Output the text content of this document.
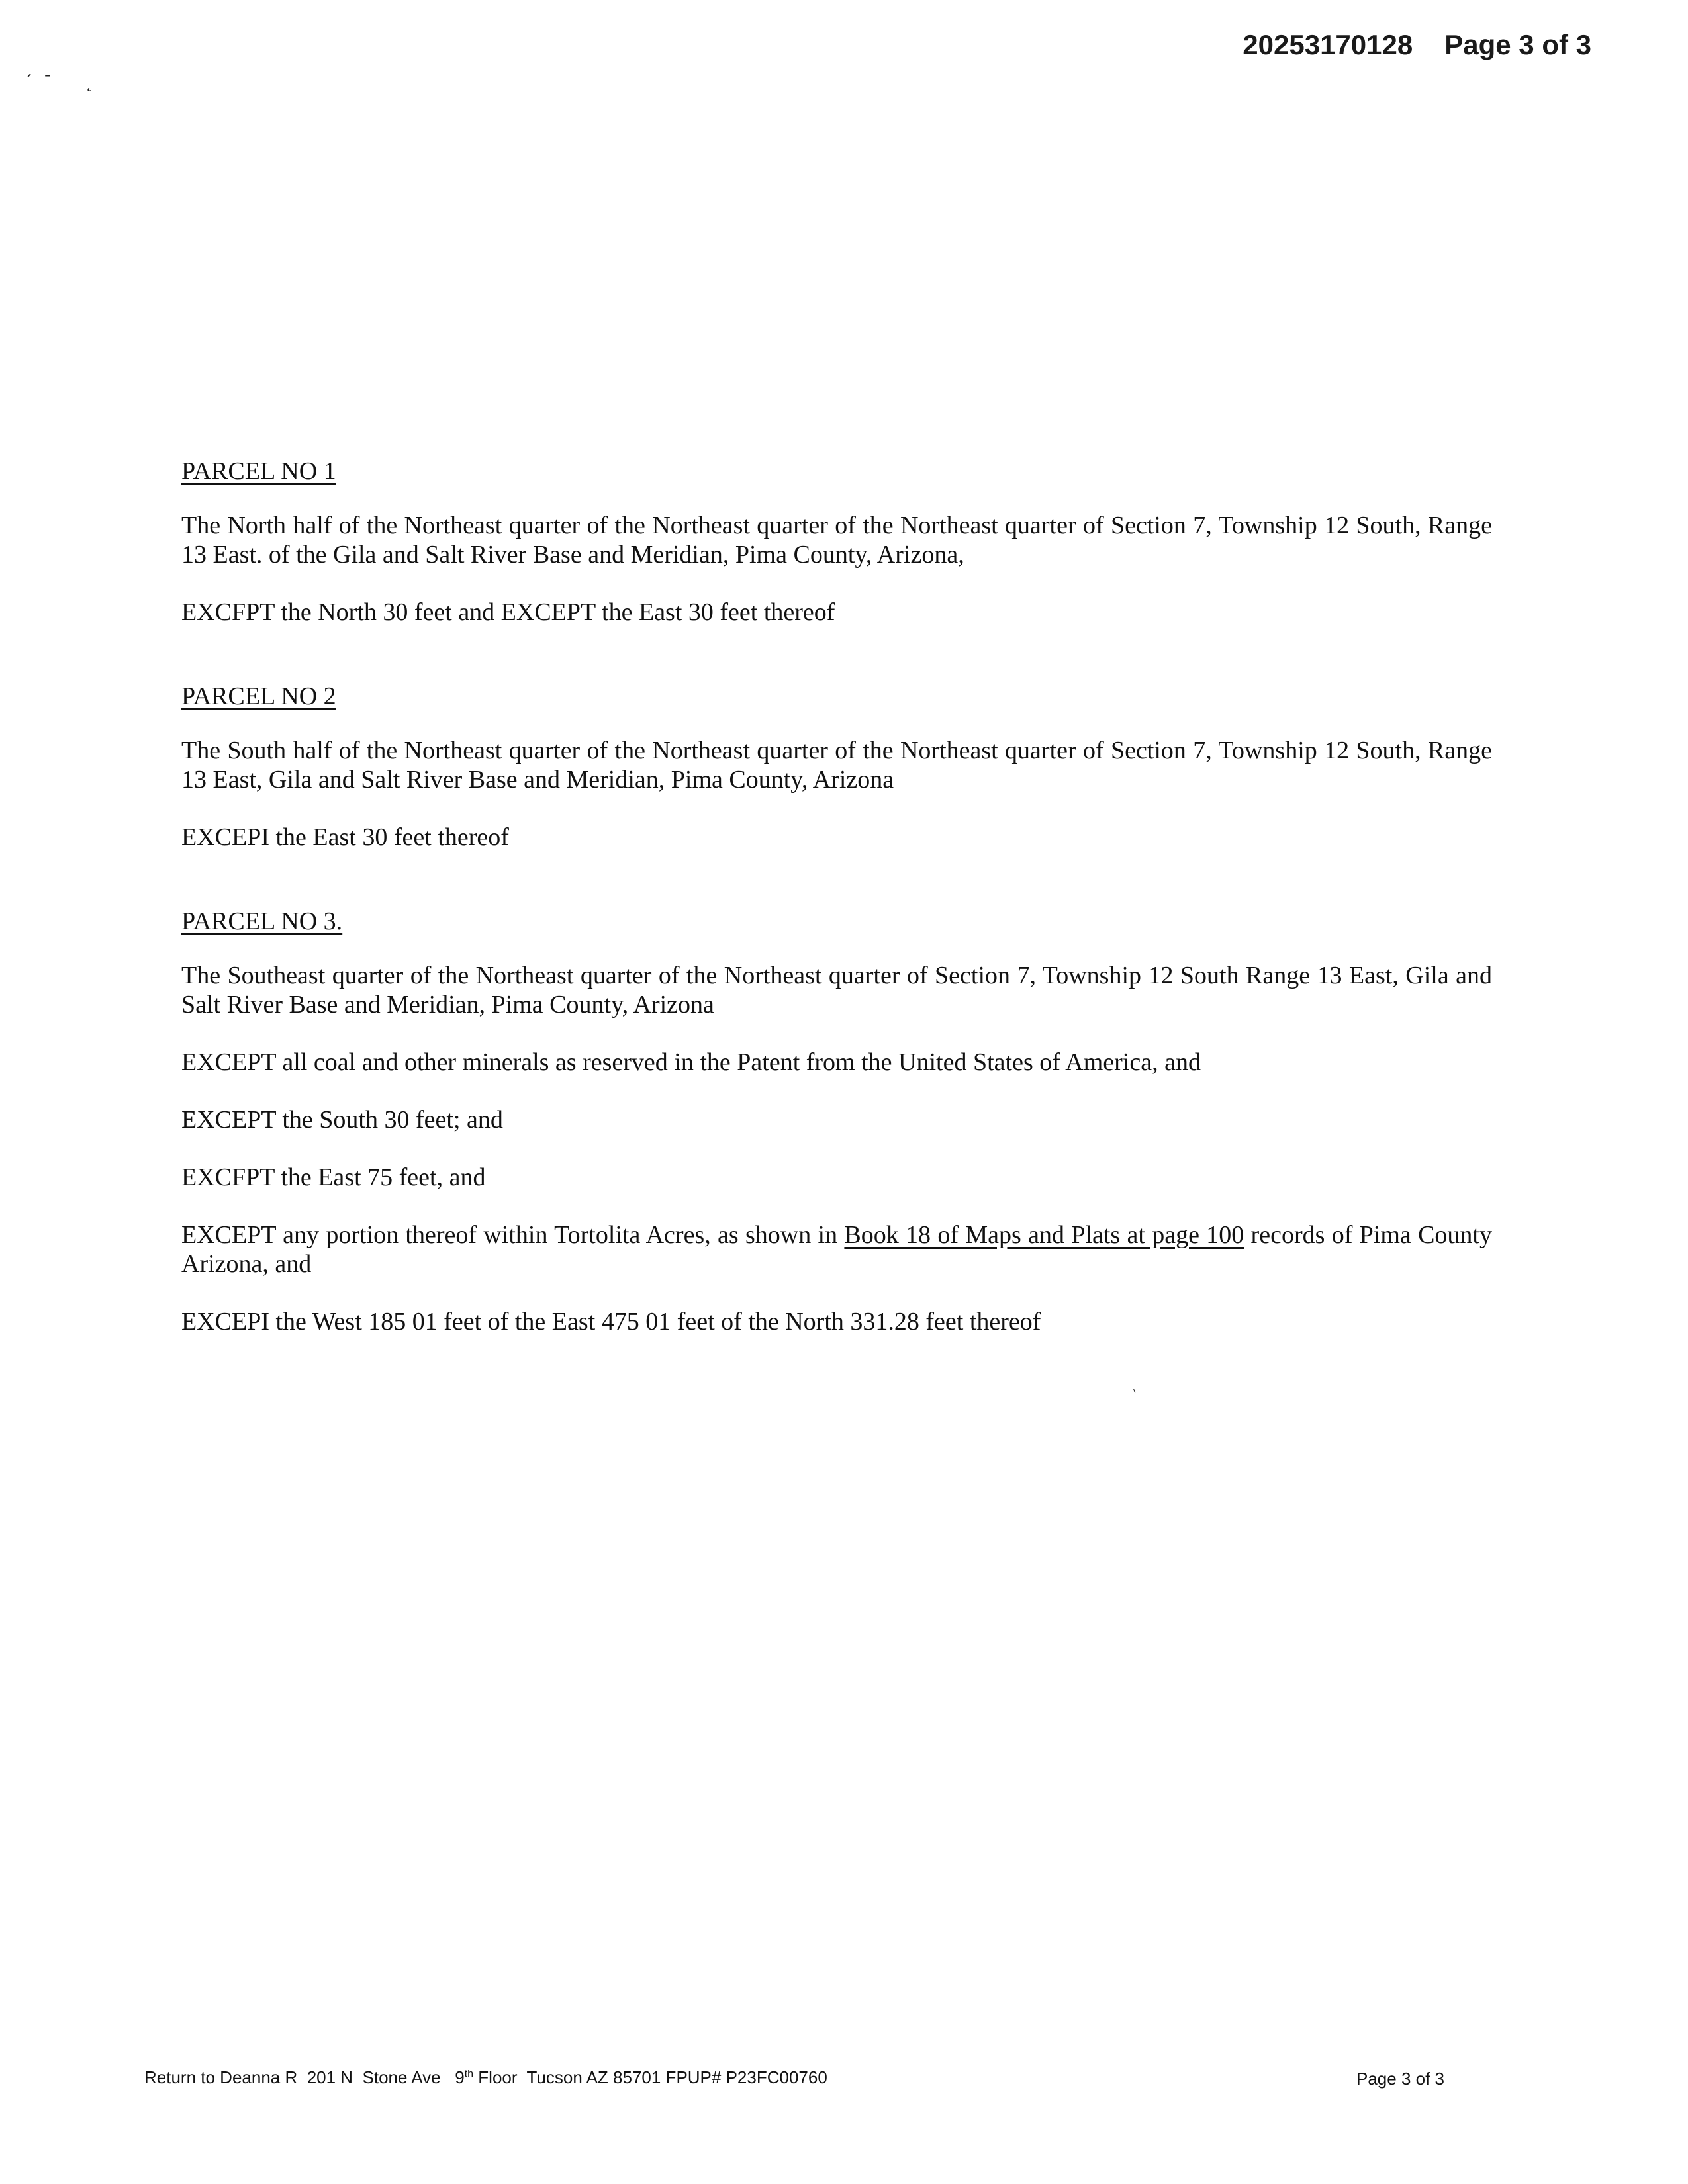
20253170128 Page 3 of 3
ˊ  ˉ      ˛
PARCEL NO 1

The North half of the Northeast quarter of the Northeast quarter of the Northeast quarter of Section 7, Township 12 South, Range 13 East. of the Gila and Salt River Base and Meridian, Pima County, Arizona,

EXCFPT the North 30 feet and EXCEPT the East 30 feet thereof

PARCEL NO 2

The South half of the Northeast quarter of the Northeast quarter of the Northeast quarter of Section 7, Township 12 South, Range 13 East, Gila and Salt River Base and Meridian, Pima County, Arizona

EXCEPI the East 30 feet thereof

PARCEL NO 3.

The Southeast quarter of the Northeast quarter of the Northeast quarter of Section 7, Township 12 South Range 13 East, Gila and Salt River Base and Meridian, Pima County, Arizona

EXCEPT all coal and other minerals as reserved in the Patent from the United States of America, and

EXCEPT the South 30 feet; and

EXCFPT the East 75 feet, and

EXCEPT any portion thereof within Tortolita Acres, as shown in Book 18 of Maps and Plats at page 100 records of Pima County Arizona, and

EXCEPI the West 185 01 feet of the East 475 01 feet of the North 331.28 feet thereof

ˋ
Return to Deanna R  201 N  Stone Ave   9th Floor  Tucson AZ 85701 FPUP# P23FC00760	Page 3 of 3
